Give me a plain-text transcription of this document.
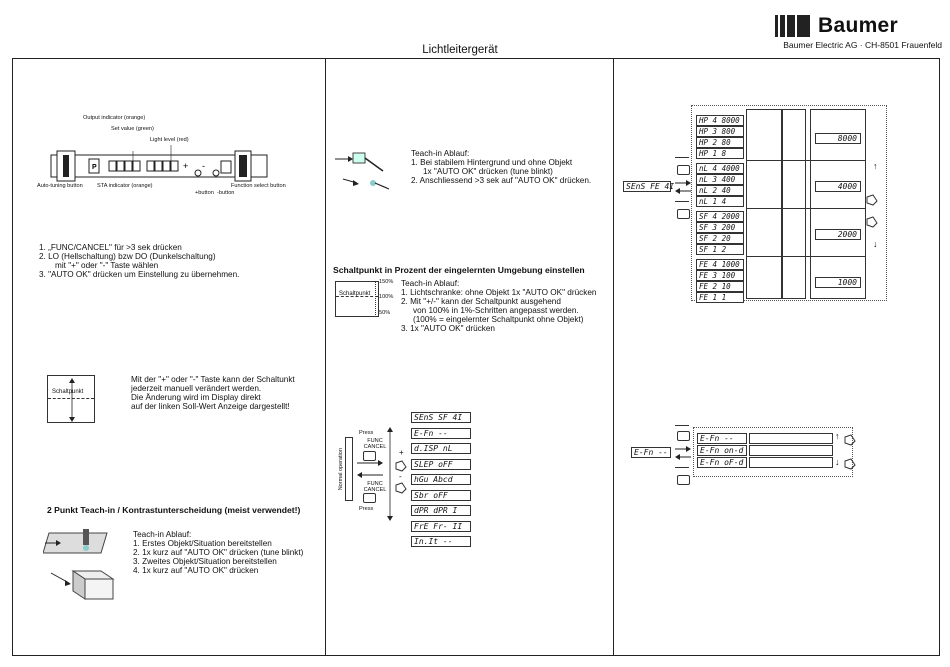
Baumer
Baumer Electric AG · CH-8501 Frauenfeld
Lichtleitergerät
P	+ -
Output indicator (orange)
Set value (green)
Light level (red)
Auto-tuning button	STA indicator (orange)
+button -button
Function select button
1. „FUNC/CANCEL" für >3 sek drücken
2. LO (Hellschaltung) bzw DO (Dunkelschaltung)
mit "+" oder "-" Taste wählen
3. "AUTO OK" drücken um Einstellung zu übernehmen.
Schaltpunkt
Mit der "+" oder "-" Taste kann der Schaltunkt
jederzeit manuell verändert werden.
Die Änderung wird im Display direkt
auf der linken Soll-Wert Anzeige dargestellt!
2 Punkt Teach-in / Kontrastunterscheidung (meist verwendet!)
Teach-in Ablauf:
1. Erstes Objekt/Situation bereitstellen
2. 1x kurz auf "AUTO OK" drücken (tune blinkt)
3. Zweites Objekt/Situation bereitstellen
4. 1x kurz auf "AUTO OK" drücken
Teach-in Ablauf:
1. Bei stabilem Hintergrund und ohne Objekt
1x "AUTO OK" drücken (tune blinkt)
2. Anschliessend >3 sek auf "AUTO OK" drücken.
Schaltpunkt in Prozent der eingelernten Umgebung einstellen
Schaltpunkt
150%
100%
50%
Teach-in Ablauf:
1. Lichtschranke: ohne Objekt 1x "AUTO OK" drücken
2. Mit "+/-" kann der Schaltpunkt ausgehend
von 100% in 1%-Schritten angepasst werden.
(100% = eingelernter Schaltpunkt ohne Objekt)
3. 1x "AUTO OK" drücken
Press
FUNC CANCEL
Normal operation	FUNC CANCEL
Press
+
-
SEnS SF 4I
E-Fn --
d.ISP nL
SLEP oFF
hGu Abcd
Sbr oFF
dPR dPR I
FrE Fr- II
In.It --
HP 4 8000
HP 3 800
HP 2 80
HP 1 8
8000
nL 4 4000
nL 3 400
nL 2 40
nL 1 4
4000
SF 4 2000
SF 3 200
SF 2 20
SF 1 2
2000
FE 4 1000
FE 3 100
FE 2 10
FE 1 1
1000
SEnS FE 4I
↑
↓
E-Fn --
E-Fn --
E-Fn on-d
E-Fn oF-d
↑
↓
